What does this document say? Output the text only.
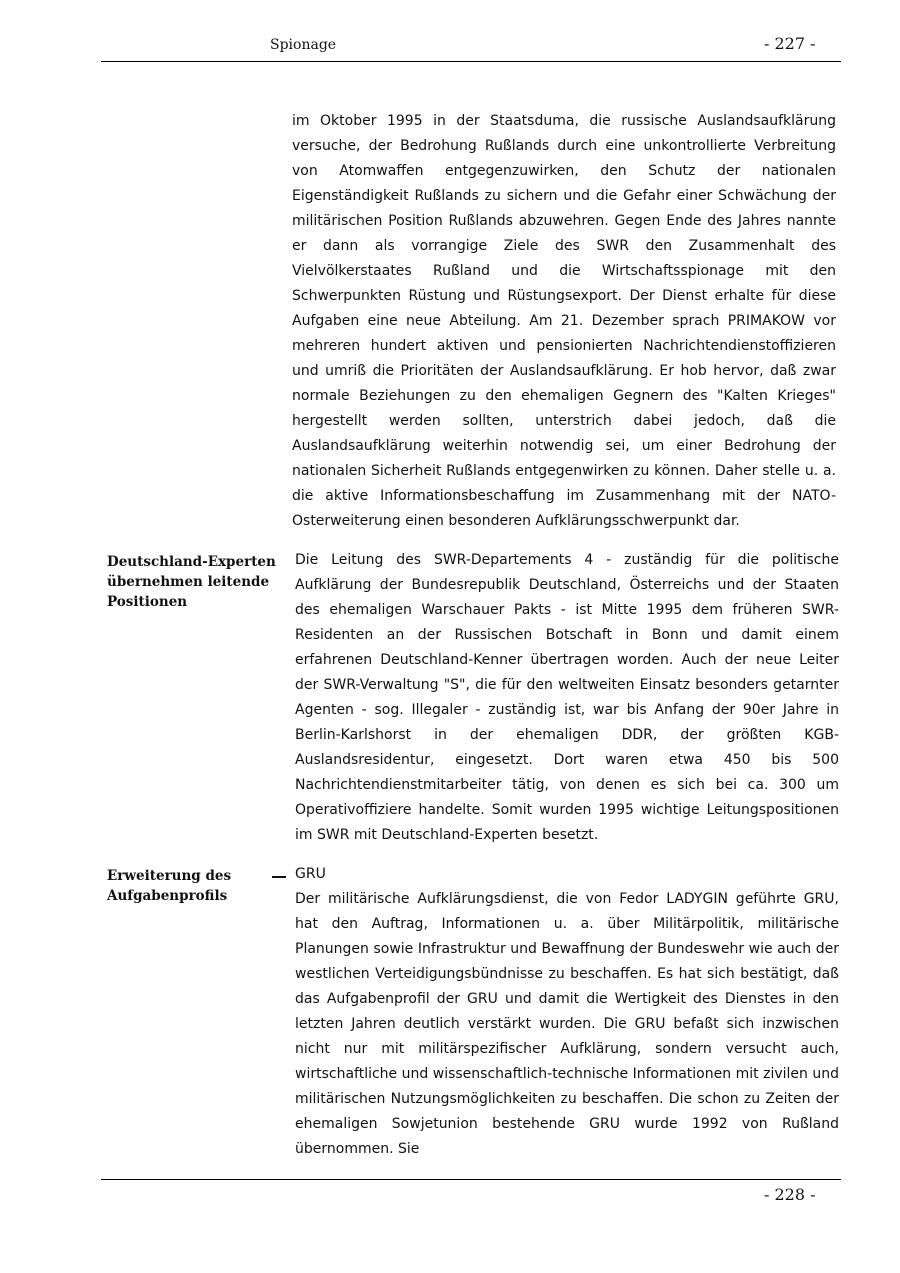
Spionage	- 227 -

im Oktober 1995 in der Staatsduma, die russische Auslandsaufklärung versuche, der Bedrohung Rußlands durch eine unkontrollierte Verbreitung von Atomwaffen entgegenzuwirken, den Schutz der nationalen Eigenständigkeit Rußlands zu sichern und die Gefahr einer Schwächung der militärischen Position Rußlands abzuwehren. Gegen Ende des Jahres nannte er dann als vorrangige Ziele des SWR den Zusammenhalt des Vielvölkerstaates Rußland und die Wirtschaftsspionage mit den Schwerpunkten Rüstung und Rüstungsexport. Der Dienst erhalte für diese Aufgaben eine neue Abteilung. Am 21. Dezember sprach PRIMAKOW vor mehreren hundert aktiven und pensionierten Nachrichtendienstoffizieren und umriß die Prioritäten der Auslandsaufklärung. Er hob hervor, daß zwar normale Beziehungen zu den ehemaligen Gegnern des "Kalten Krieges" hergestellt werden sollten, unterstrich dabei jedoch, daß die Auslandsaufklärung weiterhin notwendig sei, um einer Bedrohung der nationalen Sicherheit Rußlands entgegenwirken zu können. Daher stelle u. a. die aktive Informationsbeschaffung im Zusammenhang mit der NATO-Osterweiterung einen besonderen Aufklärungsschwerpunkt dar.

Deutschland-Experten übernehmen leitende Positionen

Die Leitung des SWR-Departements 4 - zuständig für die politische Aufklärung der Bundesrepublik Deutschland, Österreichs und der Staaten des ehemaligen Warschauer Pakts - ist Mitte 1995 dem früheren SWR-Residenten an der Russischen Botschaft in Bonn und damit einem erfahrenen Deutschland-Kenner übertragen worden. Auch der neue Leiter der SWR-Verwaltung "S", die für den weltweiten Einsatz besonders getarnter Agenten - sog. Illegaler - zuständig ist, war bis Anfang der 90er Jahre in Berlin-Karlshorst in der ehemaligen DDR, der größten KGB-Auslandsresidentur, eingesetzt. Dort waren etwa 450 bis 500 Nachrichtendienstmitarbeiter tätig, von denen es sich bei ca. 300 um Operativoffiziere handelte. Somit wurden 1995 wichtige Leitungspositionen im SWR mit Deutschland-Experten besetzt.

Erweiterung des Aufgabenprofils
GRU

Der militärische Aufklärungsdienst, die von Fedor LADYGIN geführte GRU, hat den Auftrag, Informationen u. a. über Militärpolitik, militärische Planungen sowie Infrastruktur und Bewaffnung der Bundeswehr wie auch der westlichen Verteidigungsbündnisse zu beschaffen. Es hat sich bestätigt, daß das Aufgabenprofil der GRU und damit die Wertigkeit des Dienstes in den letzten Jahren deutlich verstärkt wurden. Die GRU befaßt sich inzwischen nicht nur mit militärspezifischer Aufklärung, sondern versucht auch, wirtschaftliche und wissenschaftlich-technische Informationen mit zivilen und militärischen Nutzungsmöglichkeiten zu beschaffen. Die schon zu Zeiten der ehemaligen Sowjetunion bestehende GRU wurde 1992 von Rußland übernommen. Sie

- 228 -
